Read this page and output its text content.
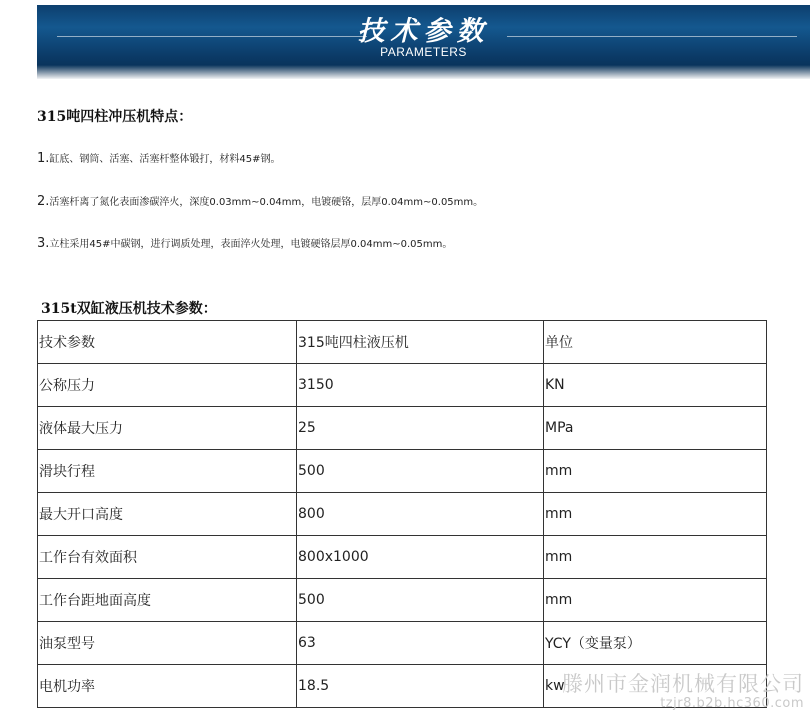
技术参数
PARAMETERS
315吨四柱冲压机特点：
1.缸底、钢筒、活塞、活塞杆整体锻打，材料45#钢。
2.活塞杆离了氮化表面渗碳淬火，深度0.03mm~0.04mm，电镀硬铬，层厚0.04mm~0.05mm。
3.立柱采用45#中碳钢，进行调质处理，表面淬火处理，电镀硬铬层厚0.04mm~0.05mm。
315t双缸液压机技术参数：
技术参数	315吨四柱液压机	单位
公称压力	3150	KN
液体最大压力	25	MPa
滑块行程	500	mm
最大开口高度	800	mm
工作台有效面积	800x1000	mm
工作台距地面高度	500	mm
油泵型号	63	YCY（变量泵）
电机功率	18.5	kw
滕州市金润机械有限公司
tzjr8.b2b.hc360.com
